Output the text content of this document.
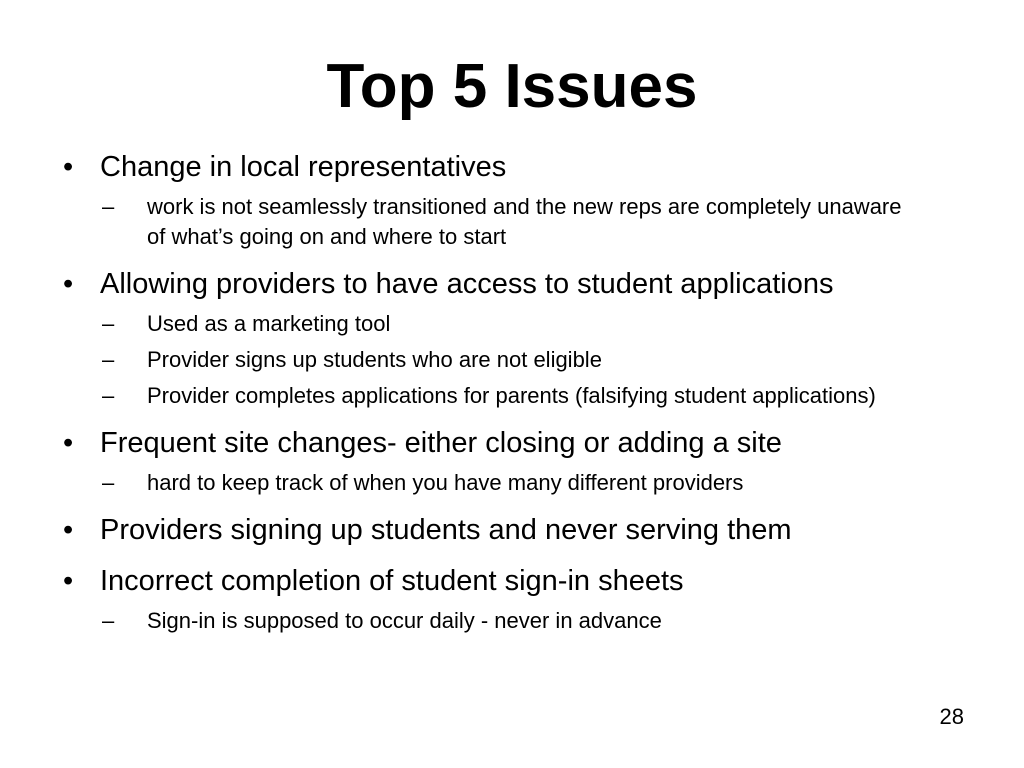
Top 5 Issues
• Change in local representatives
–	work is not seamlessly transitioned and the new reps are completely unaware of what’s going on and where to start
• Allowing providers to have access to student applications
–	Used as a marketing tool
–	Provider signs up students who are not eligible
–	Provider completes applications for parents (falsifying student applications)
• Frequent site changes- either closing or adding a site
–	hard to keep track of when you have many different providers
• Providers signing up students and never serving them
• Incorrect completion of student sign-in sheets
–	Sign-in is supposed to occur daily - never in advance
28
